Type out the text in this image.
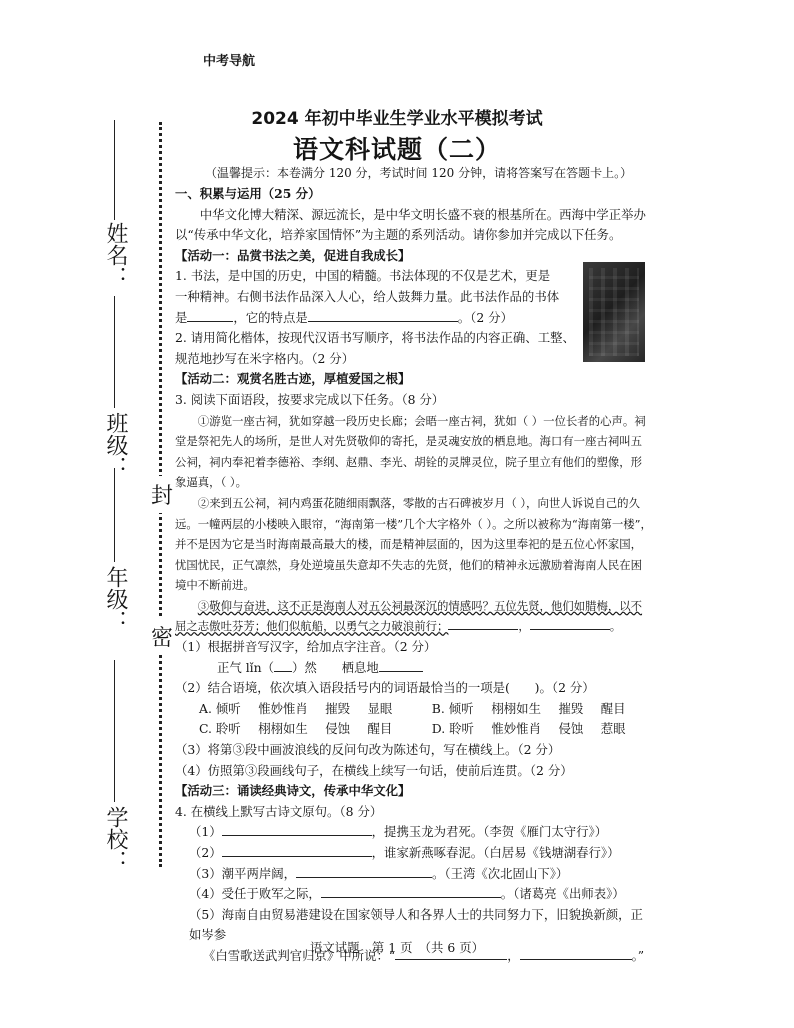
中考导航
2024 年初中毕业生学业水平模拟考试
语文科试题（二）
（温馨提示：本卷满分 120 分，考试时间 120 分钟，请将答案写在答题卡上。）
姓名：
班级：
年级：
学校：
封
密

一、积累与运用（25 分）

中华文化博大精深、源远流长，是中华文明长盛不衰的根基所在。西海中学正举办以“传承中华文化，培养家国情怀”为主题的系列活动。请你参加并完成以下任务。

【活动一：品赏书法之美，促进自我成长】

1. 书法，是中国的历史，中国的精髓。书法体现的不仅是艺术，更是

一种精神。右侧书法作品深入人心，给人鼓舞力量。此书法作品的书体

是	，它的特点是	。（2 分）

2. 请用简化楷体，按现代汉语书写顺序，将书法作品的内容正确、工整、

规范地抄写在米字格内。（2 分）

【活动二：观赏名胜古迹，厚植爱国之根】

3. 阅读下面语段，按要求完成以下任务。（8 分）

①游览一座古祠，犹如穿越一段历史长廊；会晤一座古祠，犹如（ ）一位长者的心声。祠堂是祭祀先人的场所，是世人对先贤敬仰的寄托，是灵魂安放的栖息地。海口有一座古祠叫五公祠，祠内奉祀着李德裕、李纲、赵鼎、李光、胡铨的灵牌灵位，院子里立有他们的塑像，形象逼真，（ ）。

②来到五公祠，祠内鸡蛋花随细雨飘落，零散的古石碑被岁月（ ），向世人诉说自己的久远。一幢两层的小楼映入眼帘，“海南第一楼”几个大字格外（ ）。之所以被称为“海南第一楼”，并不是因为它是当时海南最高最大的楼，而是精神层面的，因为这里奉祀的是五位心怀家国，忧国忧民，正气凛然，身处逆境虽失意却不失志的先贤，他们的精神永远激励着海南人民在困境中不断前进。

③敬仰与奋进，这不正是海南人对五公祠最深沉的情感吗？五位先贤，他们如腊梅，以不屈之志傲吐芬芳；他们似航船，以勇气之力破浪前行；	，	。

（1）根据拼音写汉字，给加点字注音。（2 分）

正气 lǐn（ ）然　　 栖息地

（2）结合语境，依次填入语段括号内的词语最恰当的一项是(　　)。（2 分）

A. 倾听	惟妙惟肖	摧毁	显眼	B. 倾听	栩栩如生	摧毁	醒目
C. 聆听	栩栩如生	侵蚀	醒目	D. 聆听	惟妙惟肖	侵蚀	惹眼

（3）将第③段中画波浪线的反问句改为陈述句，写在横线上。（2 分）

（4）仿照第③段画线句子，在横线上续写一句话，使前后连贯。（2 分）

【活动三：诵读经典诗文，传承中华文化】

4. 在横线上默写古诗文原句。（8 分）

（1）	，提携玉龙为君死。（李贺《雁门太守行》）

（2）	，谁家新燕啄春泥。（白居易《钱塘湖春行》）

（3）潮平两岸阔，	。（王湾《次北固山下》）

（4）受任于败军之际，	。（诸葛亮《出师表》）

（5）海南自由贸易港建设在国家领导人和各界人士的共同努力下，旧貌换新颜，正如岑参

《白雪歌送武判官归京》中所说：“	，	。”

语文试题　第 1 页　（共 6 页）
